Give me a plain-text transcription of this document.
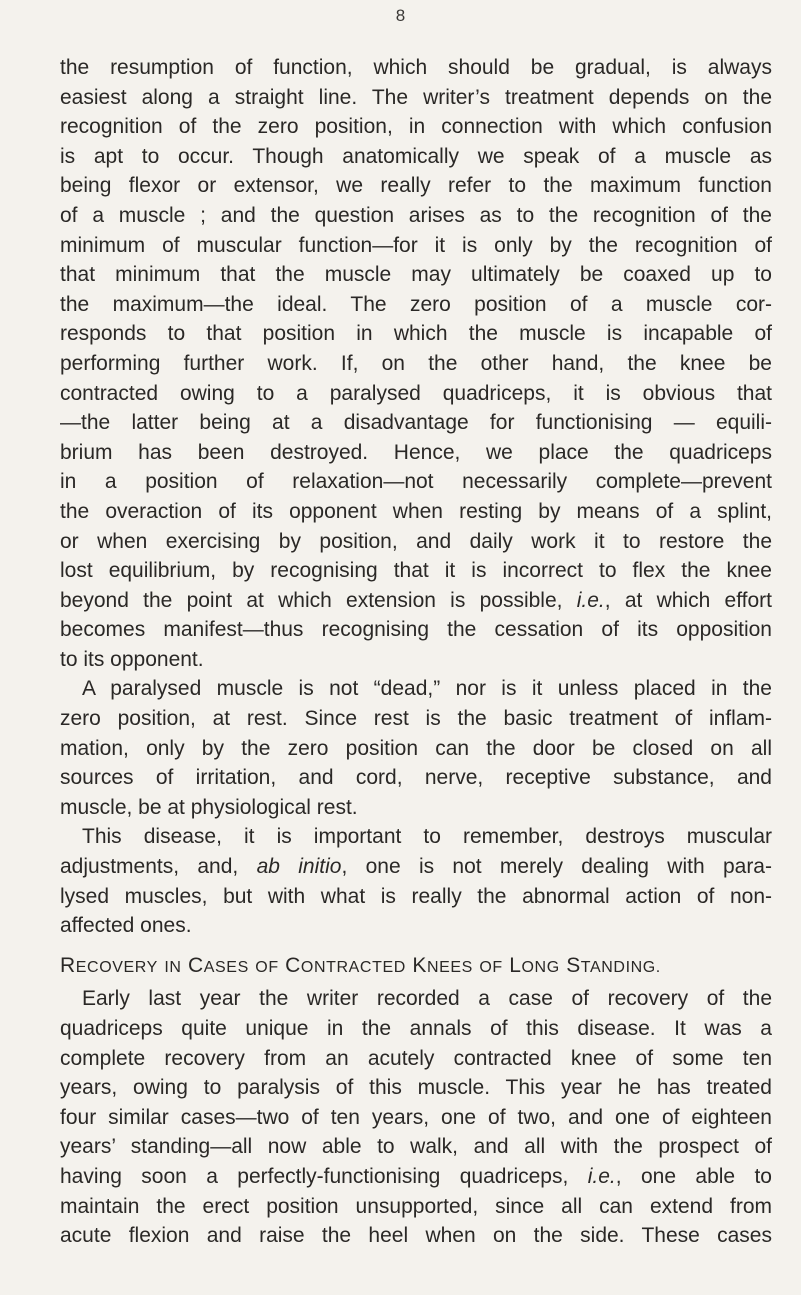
8
the resumption of function, which should be gradual, is always
easiest along a straight line. The writer’s treatment depends on the
recognition of the zero position, in connection with which confusion
is apt to occur. Though anatomically we speak of a muscle as
being flexor or extensor, we really refer to the maximum function
of a muscle ; and the question arises as to the recognition of the
minimum of muscular function—for it is only by the recognition of
that minimum that the muscle may ultimately be coaxed up to
the maximum—the ideal. The zero position of a muscle cor-
responds to that position in which the muscle is incapable of
performing further work. If, on the other hand, the knee be
contracted owing to a paralysed quadriceps, it is obvious that
—the latter being at a disadvantage for functionising — equili-
brium has been destroyed. Hence, we place the quadriceps
in a position of relaxation—not necessarily complete—prevent
the overaction of its opponent when resting by means of a splint,
or when exercising by position, and daily work it to restore the
lost equilibrium, by recognising that it is incorrect to flex the knee
beyond the point at which extension is possible, i.e., at which effort
becomes manifest—thus recognising the cessation of its opposition
to its opponent.
A paralysed muscle is not “dead,” nor is it unless placed in the
zero position, at rest. Since rest is the basic treatment of inflam-
mation, only by the zero position can the door be closed on all
sources of irritation, and cord, nerve, receptive substance, and
muscle, be at physiological rest.
This disease, it is important to remember, destroys muscular
adjustments, and, ab initio, one is not merely dealing with para-
lysed muscles, but with what is really the abnormal action of non-
affected ones.
RECOVERY IN CASES OF CONTRACTED KNEES OF LONG STANDING.
Early last year the writer recorded a case of recovery of the
quadriceps quite unique in the annals of this disease. It was a
complete recovery from an acutely contracted knee of some ten
years, owing to paralysis of this muscle. This year he has treated
four similar cases—two of ten years, one of two, and one of eighteen
years’ standing—all now able to walk, and all with the prospect of
having soon a perfectly-functionising quadriceps, i.e., one able to
maintain the erect position unsupported, since all can extend from
acute flexion and raise the heel when on the side. These cases
